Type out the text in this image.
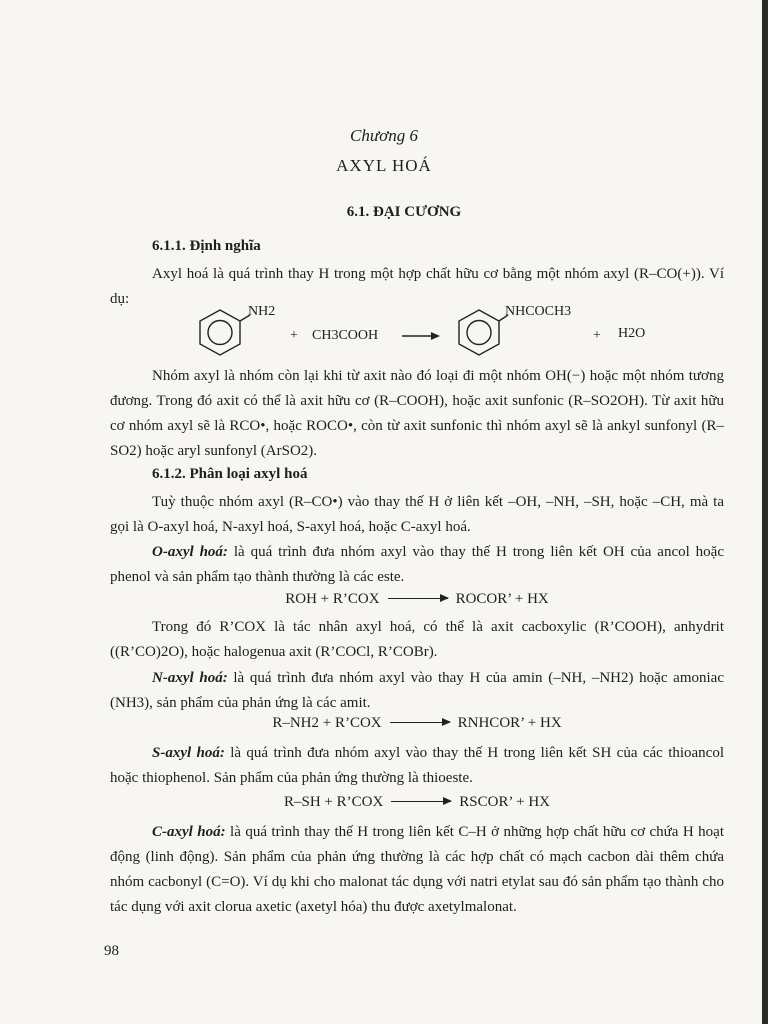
Chương 6
AXYL HOÁ
6.1. ĐẠI CƯƠNG
6.1.1. Định nghĩa

Axyl hoá là quá trình thay H trong một hợp chất hữu cơ bằng một nhóm axyl (R–CO(+)). Ví dụ:

NH2
+ CH3COOH
NHCOCH3
+ H2O

Nhóm axyl là nhóm còn lại khi từ axit nào đó loại đi một nhóm OH(−) hoặc một nhóm tương đương. Trong đó axit có thể là axit hữu cơ (R–COOH), hoặc axit sunfonic (R–SO2OH). Từ axit hữu cơ nhóm axyl sẽ là RCO•, hoặc ROCO•, còn từ axit sunfonic thì nhóm axyl sẽ là ankyl sunfonyl (R–SO2) hoặc aryl sunfonyl (ArSO2).

6.1.2. Phân loại axyl hoá

Tuỳ thuộc nhóm axyl (R–CO•) vào thay thế H ở liên kết –OH, –NH, –SH, hoặc –CH, mà ta gọi là O-axyl hoá, N-axyl hoá, S-axyl hoá, hoặc C-axyl hoá.

O-axyl hoá: là quá trình đưa nhóm axyl vào thay thế H trong liên kết OH của ancol hoặc phenol và sản phẩm tạo thành thường là các este.

ROH + R’COX	ROCOR’ + HX

Trong đó R’COX là tác nhân axyl hoá, có thể là axit cacboxylic (R’COOH), anhydrit ((R’CO)2O), hoặc halogenua axit (R’COCl, R’COBr).

N-axyl hoá: là quá trình đưa nhóm axyl vào thay H của amin (–NH, –NH2) hoặc amoniac (NH3), sản phẩm của phản ứng là các amit.

R–NH2 + R’COX	RNHCOR’ + HX

S-axyl hoá: là quá trình đưa nhóm axyl vào thay thế H trong liên kết SH của các thioancol hoặc thiophenol. Sản phẩm của phản ứng thường là thioeste.

R–SH + R’COX	RSCOR’ + HX

C-axyl hoá: là quá trình thay thế H trong liên kết C–H ở những hợp chất hữu cơ chứa H hoạt động (linh động). Sản phẩm của phản ứng thường là các hợp chất có mạch cacbon dài thêm chứa nhóm cacbonyl (C=O). Ví dụ khi cho malonat tác dụng với natri etylat sau đó sản phẩm tạo thành cho tác dụng với axit clorua axetic (axetyl hóa) thu được axetylmalonat.

98
